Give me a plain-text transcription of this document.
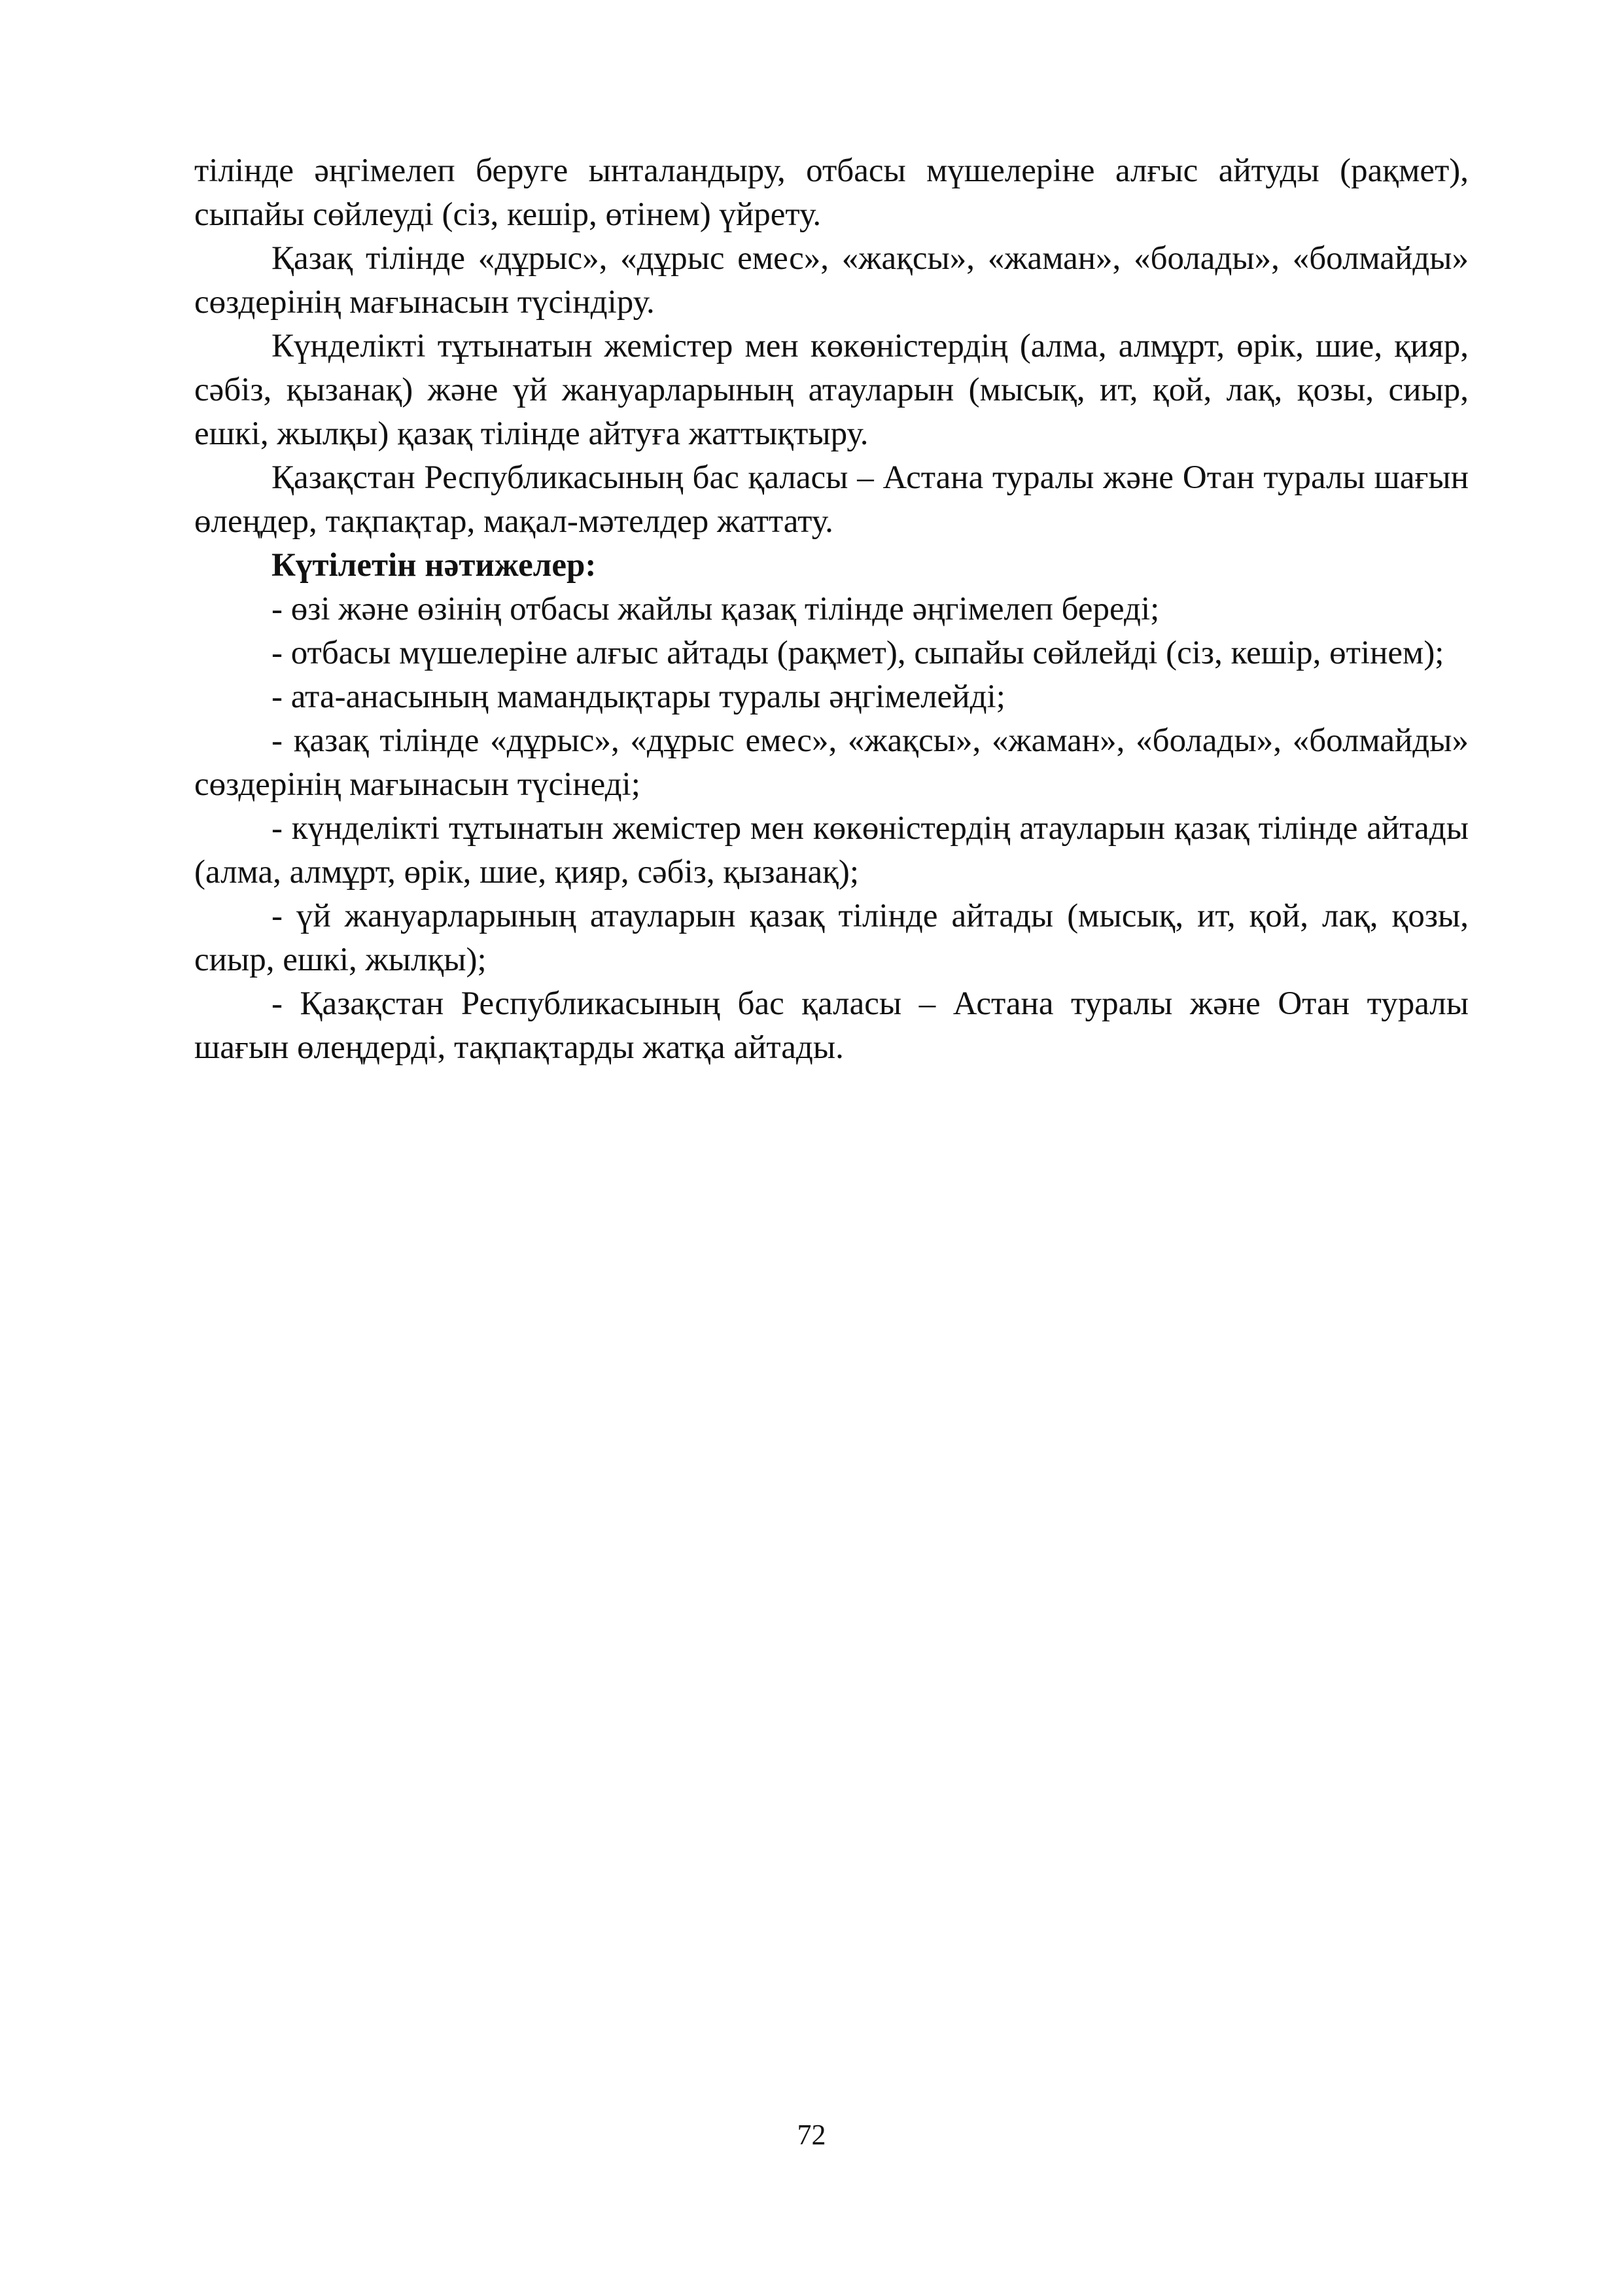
тілінде әңгімелеп беруге ынталандыру, отбасы мүшелеріне алғыс айтуды (рақмет), сыпайы сөйлеуді (сіз, кешір, өтінем) үйрету.

Қазақ тілінде «дұрыс», «дұрыс емес», «жақсы», «жаман», «болады», «болмайды» сөздерінің мағынасын түсіндіру.

Күнделікті тұтынатын жемістер мен көкөністердің (алма, алмұрт, өрік, шие, қияр, сәбіз, қызанақ) және үй жануарларының атауларын (мысық, ит, қой, лақ, қозы, сиыр, ешкі, жылқы) қазақ тілінде айтуға жаттықтыру.

Қазақстан Республикасының бас қаласы – Астана туралы және Отан туралы шағын өлеңдер, тақпақтар, мақал-мәтелдер жаттату.

Күтілетін нәтижелер:

- өзі және өзінің отбасы жайлы қазақ тілінде әңгімелеп береді;

- отбасы мүшелеріне алғыс айтады (рақмет), сыпайы сөйлейді (сіз, кешір, өтінем);

- ата-анасының мамандықтары туралы әңгімелейді;

- қазақ тілінде «дұрыс», «дұрыс емес», «жақсы», «жаман», «болады», «болмайды» сөздерінің мағынасын түсінеді;

- күнделікті тұтынатын жемістер мен көкөністердің атауларын қазақ тілінде айтады (алма, алмұрт, өрік, шие, қияр, сәбіз, қызанақ);

- үй жануарларының атауларын қазақ тілінде айтады (мысық, ит, қой, лақ, қозы, сиыр, ешкі, жылқы);

- Қазақстан Республикасының бас қаласы – Астана туралы және Отан туралы шағын өлеңдерді, тақпақтарды жатқа айтады.

72
